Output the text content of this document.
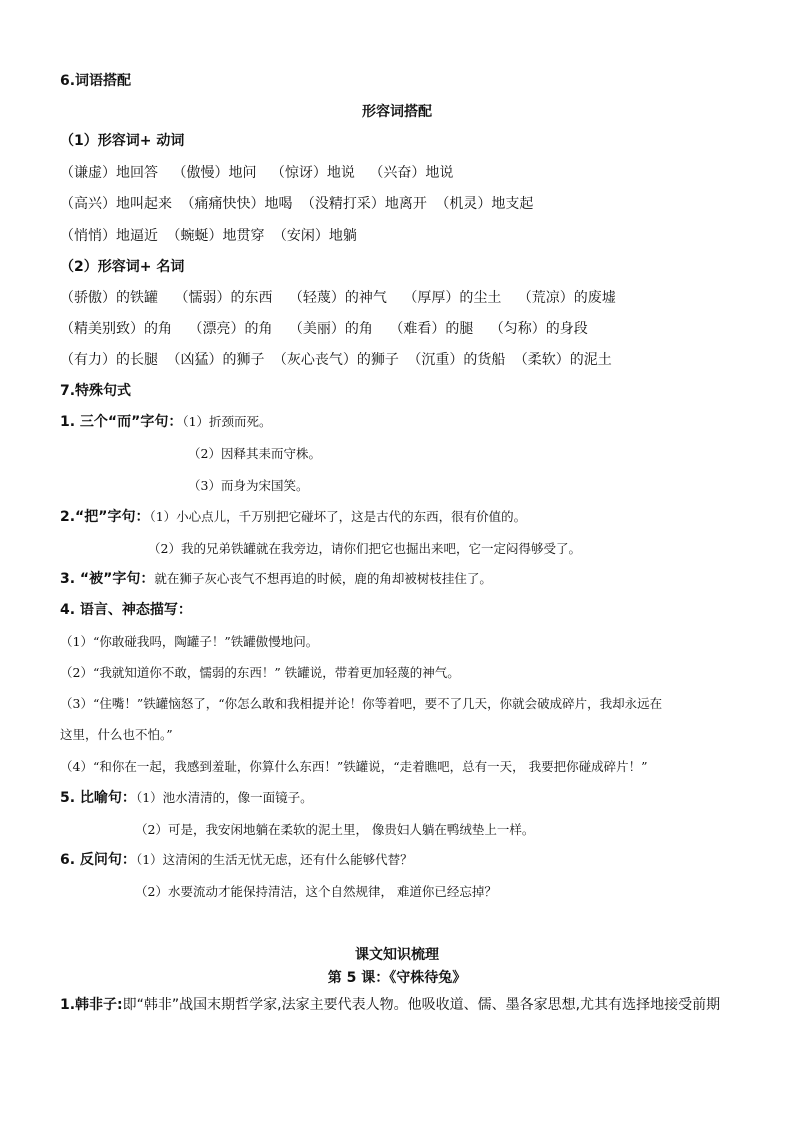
6.词语搭配
形容词搭配
（1）形容词+ 动词
（谦虚）地回答 （傲慢）地问 （惊讶）地说 （兴奋）地说
（高兴）地叫起来 （痛痛快快）地喝 （没精打采）地离开 （机灵）地支起
（悄悄）地逼近 （蜿蜒）地贯穿 （安闲）地躺
（2）形容词+ 名词
（骄傲）的铁罐 （懦弱）的东西 （轻蔑）的神气 （厚厚）的尘土 （荒凉）的废墟
（精美别致）的角 （漂亮）的角 （美丽）的角 （难看）的腿 （匀称）的身段
（有力）的长腿 （凶猛）的狮子 （灰心丧气）的狮子 （沉重）的货船 （柔软）的泥土
7.特殊句式
1. 三个“而”字句：（1）折颈而死。
（2）因释其耒而守株。
（3）而身为宋国笑。
2.“把”字句：（1）小心点儿，千万别把它碰坏了，这是古代的东西，很有价值的。
（2）我的兄弟铁罐就在我旁边，请你们把它也掘出来吧，它一定闷得够受了。
3. “被”字句：就在狮子灰心丧气不想再追的时候，鹿的角却被树枝挂住了。
4. 语言、神态描写：
（1）“你敢碰我吗，陶罐子！”铁罐傲慢地问。
（2）“我就知道你不敢，懦弱的东西！” 铁罐说，带着更加轻蔑的神气。
（3）“住嘴！”铁罐恼怒了，“你怎么敢和我相提并论！你等着吧，要不了几天，你就会破成碎片，我却永远在
这里，什么也不怕。”
（4）“和你在一起，我感到羞耻，你算什么东西！”铁罐说，“走着瞧吧，总有一天， 我要把你碰成碎片！”
5. 比喻句：（1）池水清清的，像一面镜子。
（2）可是，我安闲地躺在柔软的泥土里， 像贵妇人躺在鸭绒垫上一样。
6. 反问句：（1）这清闲的生活无忧无虑，还有什么能够代替？
（2）水要流动才能保持清洁，这个自然规律， 难道你已经忘掉？
课文知识梳理
第 5 课：《守株待兔》
1.韩非子:即“韩非”战国末期哲学家,法家主要代表人物。他吸收道、儒、墨各家思想,尤其有选择地接受前期
